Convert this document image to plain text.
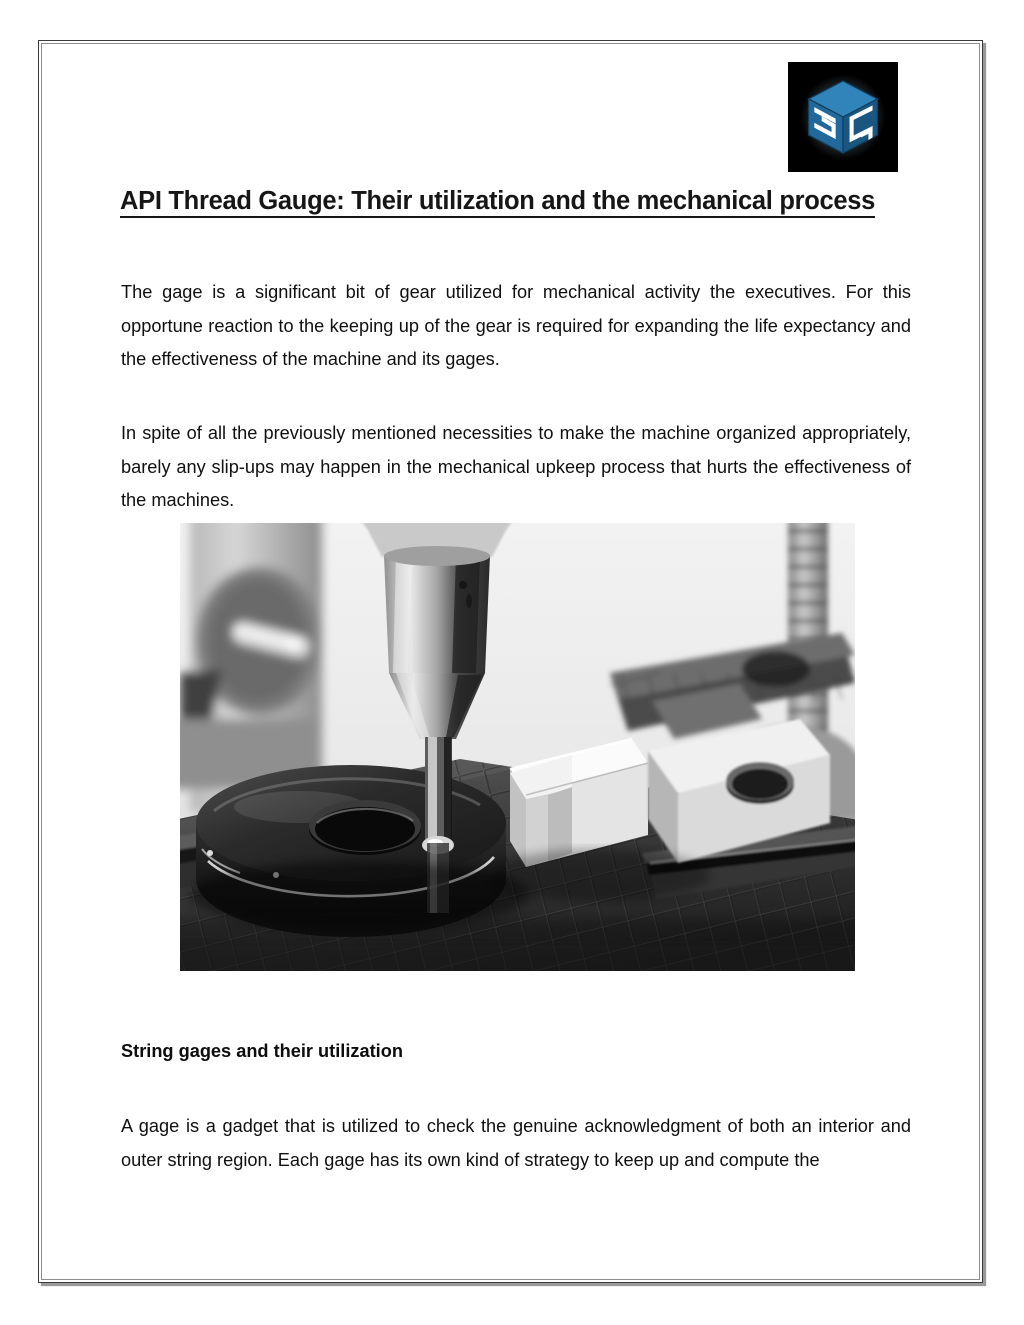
API Thread Gauge: Their utilization and the mechanical process

The gage is a significant bit of gear utilized for mechanical activity the executives. For this opportune reaction to the keeping up of the gear is required for expanding the life expectancy and the effectiveness of the machine and its gages.

In spite of all the previously mentioned necessities to make the machine organized appropriately, barely any slip-ups may happen in the mechanical upkeep process that hurts the effectiveness of the machines.

String gages and their utilization

A gage is a gadget that is utilized to check the genuine acknowledgment of both an interior and outer string region. Each gage has its own kind of strategy to keep up and compute the
